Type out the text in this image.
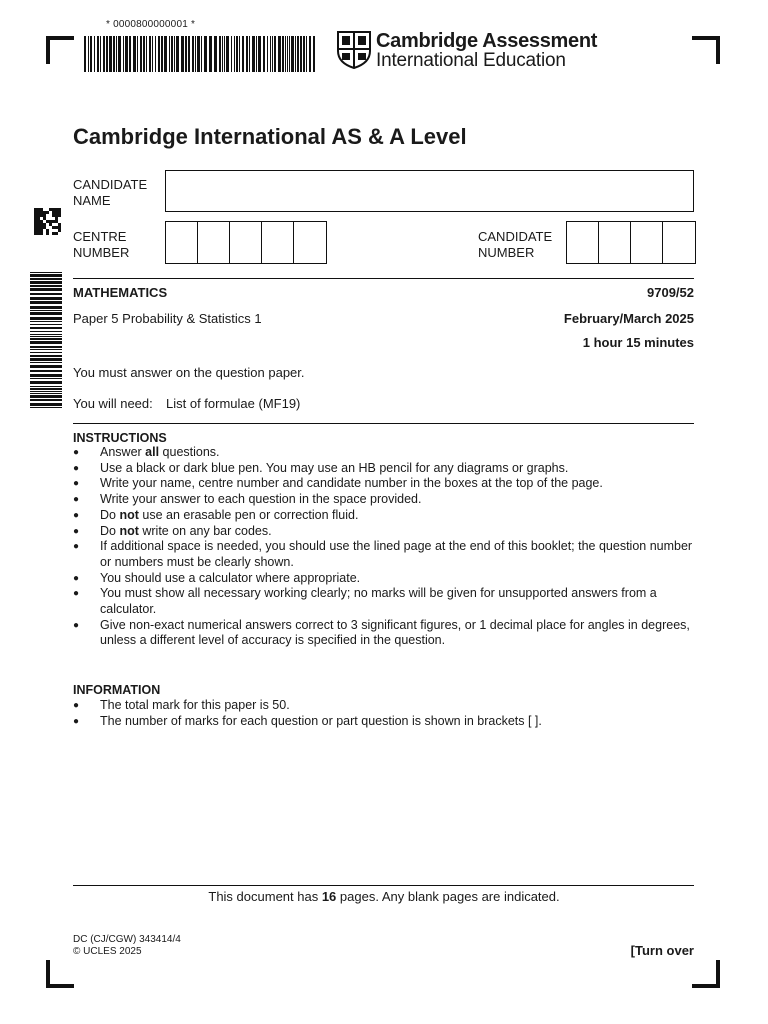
* 0000800000001 *
Cambridge Assessment
International Education
Cambridge International AS & A Level
CANDIDATE
NAME
CENTRE
NUMBER
CANDIDATE
NUMBER
MATHEMATICS	9709/52
Paper 5 Probability & Statistics 1	February/March 2025
1 hour 15 minutes
You must answer on the question paper.
You will need: List of formulae (MF19)
INSTRUCTIONS
● Answer all questions.
● Use a black or dark blue pen. You may use an HB pencil for any diagrams or graphs.
● Write your name, centre number and candidate number in the boxes at the top of the page.
● Write your answer to each question in the space provided.
● Do not use an erasable pen or correction fluid.
● Do not write on any bar codes.
● If additional space is needed, you should use the lined page at the end of this booklet; the question number or numbers must be clearly shown.
● You should use a calculator where appropriate.
● You must show all necessary working clearly; no marks will be given for unsupported answers from a calculator.
● Give non-exact numerical answers correct to 3 significant figures, or 1 decimal place for angles in degrees, unless a different level of accuracy is specified in the question.
INFORMATION
● The total mark for this paper is 50.
● The number of marks for each question or part question is shown in brackets [ ].
This document has 16 pages. Any blank pages are indicated.
DC (CJ/CGW) 343414/4
© UCLES 2025	[Turn over
